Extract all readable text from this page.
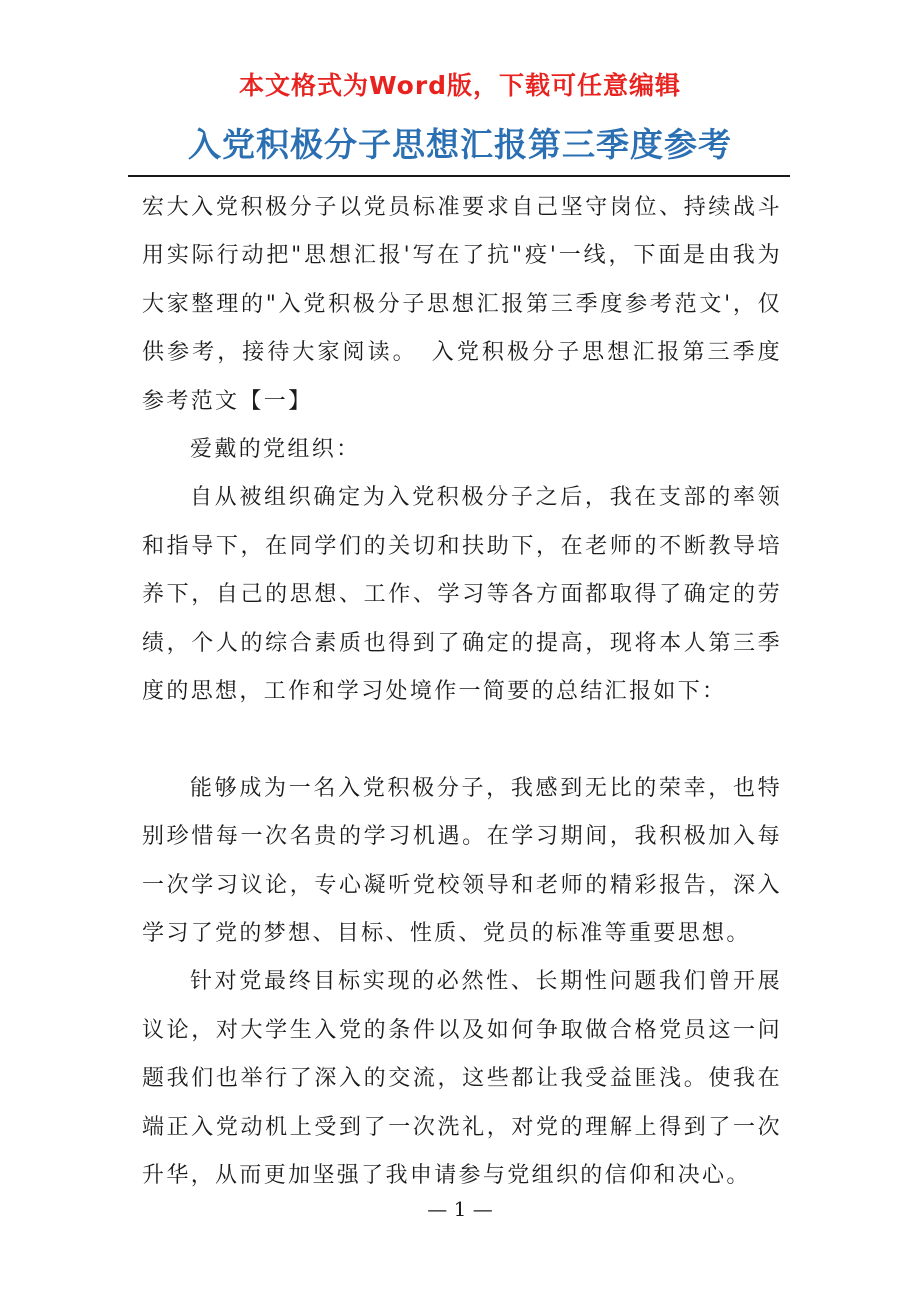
本文格式为Word版，下载可任意编辑
入党积极分子思想汇报第三季度参考

宏大入党积极分子以党员标准要求自己坚守岗位、持续战斗用实际行动把"思想汇报'写在了抗"疫'一线，下面是由我为大家整理的"入党积极分子思想汇报第三季度参考范文'，仅供参考，接待大家阅读。　入党积极分子思想汇报第三季度参考范文【一】

爱戴的党组织：

自从被组织确定为入党积极分子之后，我在支部的率领和指导下，在同学们的关切和扶助下，在老师的不断教导培养下，自己的思想、工作、学习等各方面都取得了确定的劳绩，个人的综合素质也得到了确定的提高，现将本人第三季度的思想，工作和学习处境作一简要的总结汇报如下：

能够成为一名入党积极分子，我感到无比的荣幸，也特别珍惜每一次名贵的学习机遇。在学习期间，我积极加入每一次学习议论，专心凝听党校领导和老师的精彩报告，深入学习了党的梦想、目标、性质、党员的标准等重要思想。

针对党最终目标实现的必然性、长期性问题我们曾开展议论，对大学生入党的条件以及如何争取做合格党员这一问题我们也举行了深入的交流，这些都让我受益匪浅。使我在端正入党动机上受到了一次洗礼，对党的理解上得到了一次升华，从而更加坚强了我申请参与党组织的信仰和决心。

— 1 —
